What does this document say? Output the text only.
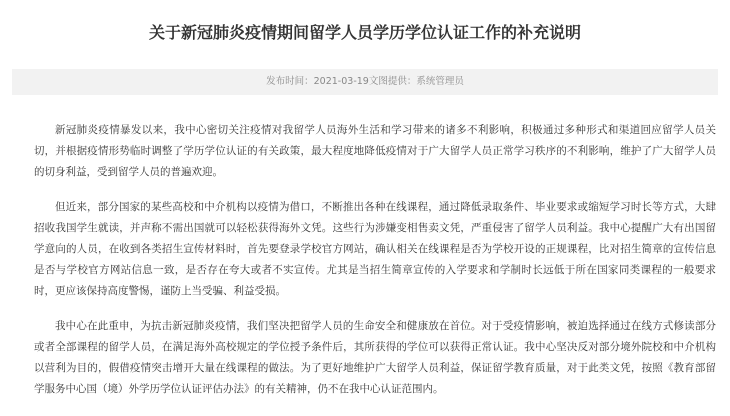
关于新冠肺炎疫情期间留学人员学历学位认证工作的补充说明
发布时间：2021-03-19文图提供：系统管理员

新冠肺炎疫情暴发以来，我中心密切关注疫情对我留学人员海外生活和学习带来的诸多不利影响，积极通过多种形式和渠道回应留学人员关切，并根据疫情形势临时调整了学历学位认证的有关政策，最大程度地降低疫情对于广大留学人员正常学习秩序的不利影响，维护了广大留学人员的切身利益，受到留学人员的普遍欢迎。

但近来，部分国家的某些高校和中介机构以疫情为借口，不断推出各种在线课程，通过降低录取条件、毕业要求或缩短学习时长等方式，大肆招收我国学生就读，并声称不需出国就可以轻松获得海外文凭。这些行为涉嫌变相售卖文凭，严重侵害了留学人员利益。我中心提醒广大有出国留学意向的人员，在收到各类招生宣传材料时，首先要登录学校官方网站，确认相关在线课程是否为学校开设的正规课程，比对招生简章的宣传信息是否与学校官方网站信息一致，是否存在夸大或者不实宣传。尤其是当招生简章宣传的入学要求和学制时长远低于所在国家同类课程的一般要求时，更应该保持高度警惕，谨防上当受骗、利益受损。

我中心在此重申，为抗击新冠肺炎疫情，我们坚决把留学人员的生命安全和健康放在首位。对于受疫情影响，被迫选择通过在线方式修读部分或者全部课程的留学人员，在满足海外高校规定的学位授予条件后，其所获得的学位可以获得正常认证。我中心坚决反对部分境外院校和中介机构以营利为目的，假借疫情突击增开大量在线课程的做法。为了更好地维护广大留学人员利益，保证留学教育质量，对于此类文凭，按照《教育部留学服务中心国（境）外学历学位认证评估办法》的有关精神，仍不在我中心认证范围内。
